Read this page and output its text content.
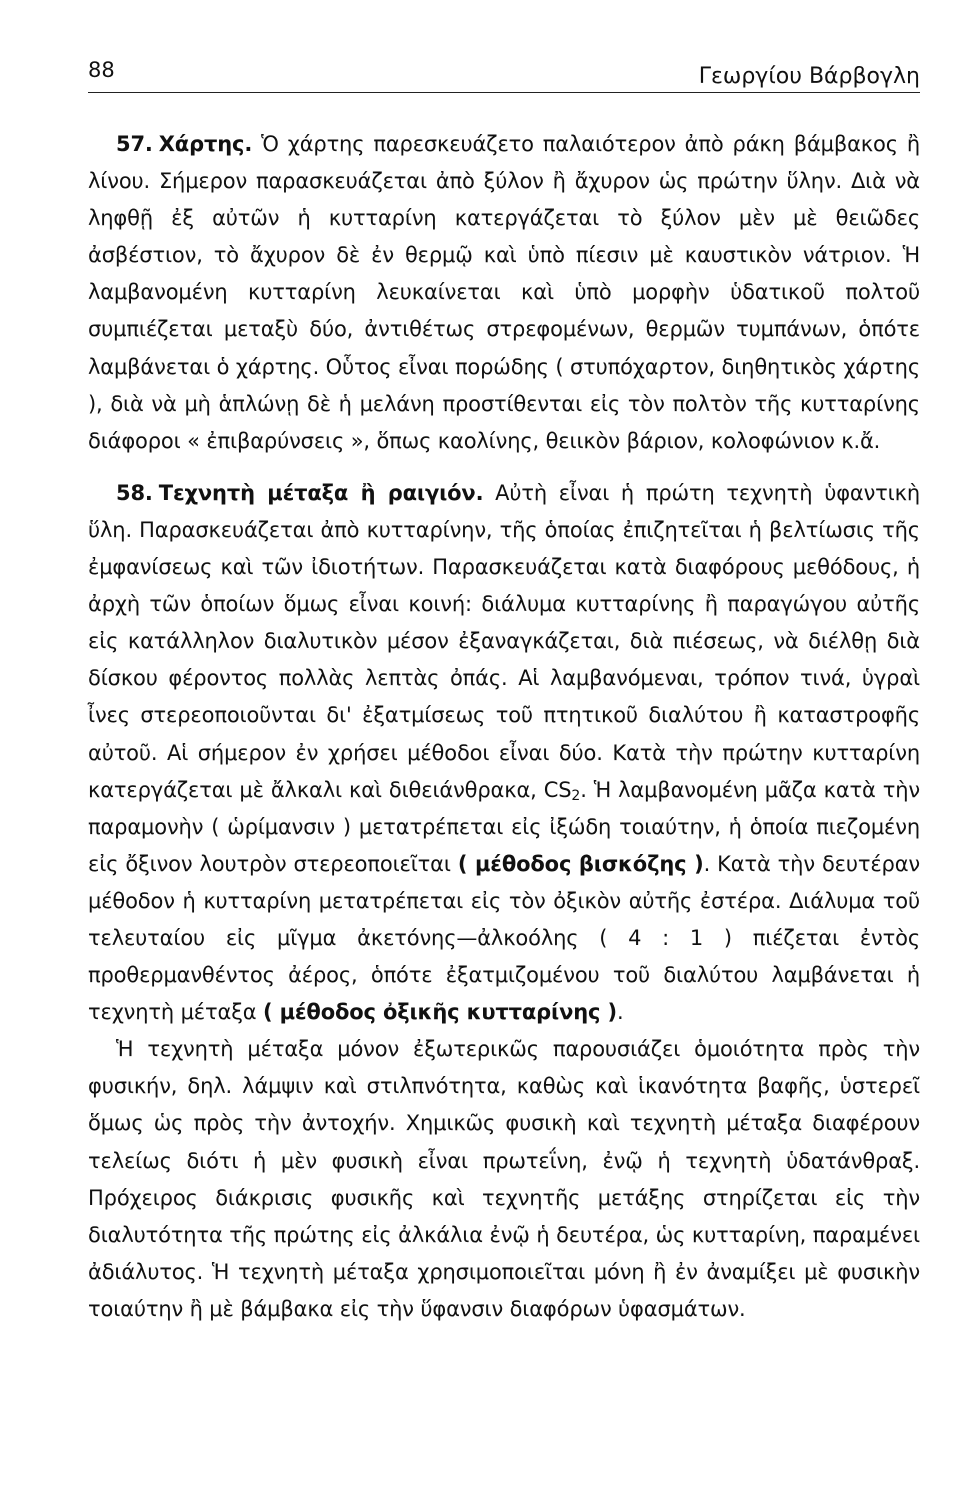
88	Γεωργίου Βάρβογλη

57. Χάρτης. Ὁ χάρτης παρεσκευάζετο παλαιότερον ἀπὸ ράκη βάμβακος ἢ λίνου. Σήμερον παρασκευάζεται ἀπὸ ξύλον ἢ ἄχυρον ὡς πρώτην ὕλην. Διὰ νὰ ληφθῇ ἐξ αὐτῶν ἡ κυτταρίνη κατεργάζεται τὸ ξύλον μὲν μὲ θειῶδες ἀσβέστιον, τὸ ἄχυρον δὲ ἐν θερμῷ καὶ ὑπὸ πίεσιν μὲ καυστικὸν νάτριον. Ἡ λαμβανομένη κυτταρίνη λευκαίνεται καὶ ὑπὸ μορφὴν ὑδατικοῦ πολτοῦ συμπιέζεται μεταξὺ δύο, ἀντιθέτως στρεφομένων, θερμῶν τυμπάνων, ὁπότε λαμβάνεται ὁ χάρτης. Οὗτος εἶναι πορώδης ( στυπόχαρτον, διηθητικὸς χάρτης ), διὰ νὰ μὴ ἁπλώνῃ δὲ ἡ μελάνη προστίθενται εἰς τὸν πολτὸν τῆς κυτταρίνης διάφοροι « ἐπιβαρύνσεις », ὅπως καολίνης, θειικὸν βάριον, κολοφώνιον κ.ἄ.

58. Τεχνητὴ μέταξα ἢ ραιγιόν. Αὐτὴ εἶναι ἡ πρώτη τεχνητὴ ὑφαντικὴ ὕλη. Παρασκευάζεται ἀπὸ κυτταρίνην, τῆς ὁποίας ἐπιζητεῖται ἡ βελτίωσις τῆς ἐμφανίσεως καὶ τῶν ἰδιοτήτων. Παρασκευάζεται κατὰ διαφόρους μεθόδους, ἡ ἀρχὴ τῶν ὁποίων ὅμως εἶναι κοινή: διάλυμα κυτταρίνης ἢ παραγώγου αὐτῆς εἰς κατάλληλον διαλυτικὸν μέσον ἐξαναγκάζεται, διὰ πιέσεως, νὰ διέλθῃ διὰ δίσκου φέροντος πολλὰς λεπτὰς ὀπάς. Αἱ λαμβανόμεναι, τρόπον τινά, ὑγραὶ ἶνες στερεοποιοῦνται δι' ἐξατμίσεως τοῦ πτητικοῦ διαλύτου ἢ καταστροφῆς αὐτοῦ. Αἱ σήμερον ἐν χρήσει μέθοδοι εἶναι δύο. Κατὰ τὴν πρώτην κυτταρίνη κατεργάζεται μὲ ἄλκαλι καὶ διθειάνθρακα, $CS_2$. Ἡ λαμβανομένη μᾶζα κατὰ τὴν παραμονὴν ( ὡρίμανσιν ) μετατρέπεται εἰς ἰξώδη τοιαύτην, ἡ ὁποία πιεζομένη εἰς ὄξινον λουτρὸν στερεοποιεῖται ( μέθοδος βισκόζης ). Κατὰ τὴν δευτέραν μέθοδον ἡ κυτταρίνη μετατρέπεται εἰς τὸν ὀξικὸν αὐτῆς ἐστέρα. Διάλυμα τοῦ τελευταίου εἰς μῖγμα ἀκετόνης—ἀλκοόλης ( 4 : 1 ) πιέζεται ἐντὸς προθερμανθέντος ἀέρος, ὁπότε ἐξατμιζομένου τοῦ διαλύτου λαμβάνεται ἡ τεχνητὴ μέταξα ( μέθοδος ὀξικῆς κυτταρίνης ).

Ἡ τεχνητὴ μέταξα μόνον ἐξωτερικῶς παρουσιάζει ὁμοιότητα πρὸς τὴν φυσικήν, δηλ. λάμψιν καὶ στιλπνότητα, καθὼς καὶ ἱκανότητα βαφῆς, ὑστερεῖ ὅμως ὡς πρὸς τὴν ἀντοχήν. Χημικῶς φυσικὴ καὶ τεχνητὴ μέταξα διαφέρουν τελείως διότι ἡ μὲν φυσικὴ εἶναι πρωτεΐνη, ἐνῷ ἡ τεχνητὴ ὑδατάνθραξ. Πρόχειρος διάκρισις φυσικῆς καὶ τεχνητῆς μετάξης στηρίζεται εἰς τὴν διαλυτότητα τῆς πρώτης εἰς ἀλκάλια ἐνῷ ἡ δευτέρα, ὡς κυτταρίνη, παραμένει ἀδιάλυτος. Ἡ τεχνητὴ μέταξα χρησιμοποιεῖται μόνη ἢ ἐν ἀναμίξει μὲ φυσικὴν τοιαύτην ἢ μὲ βάμβακα εἰς τὴν ὕφανσιν διαφόρων ὑφασμάτων.
